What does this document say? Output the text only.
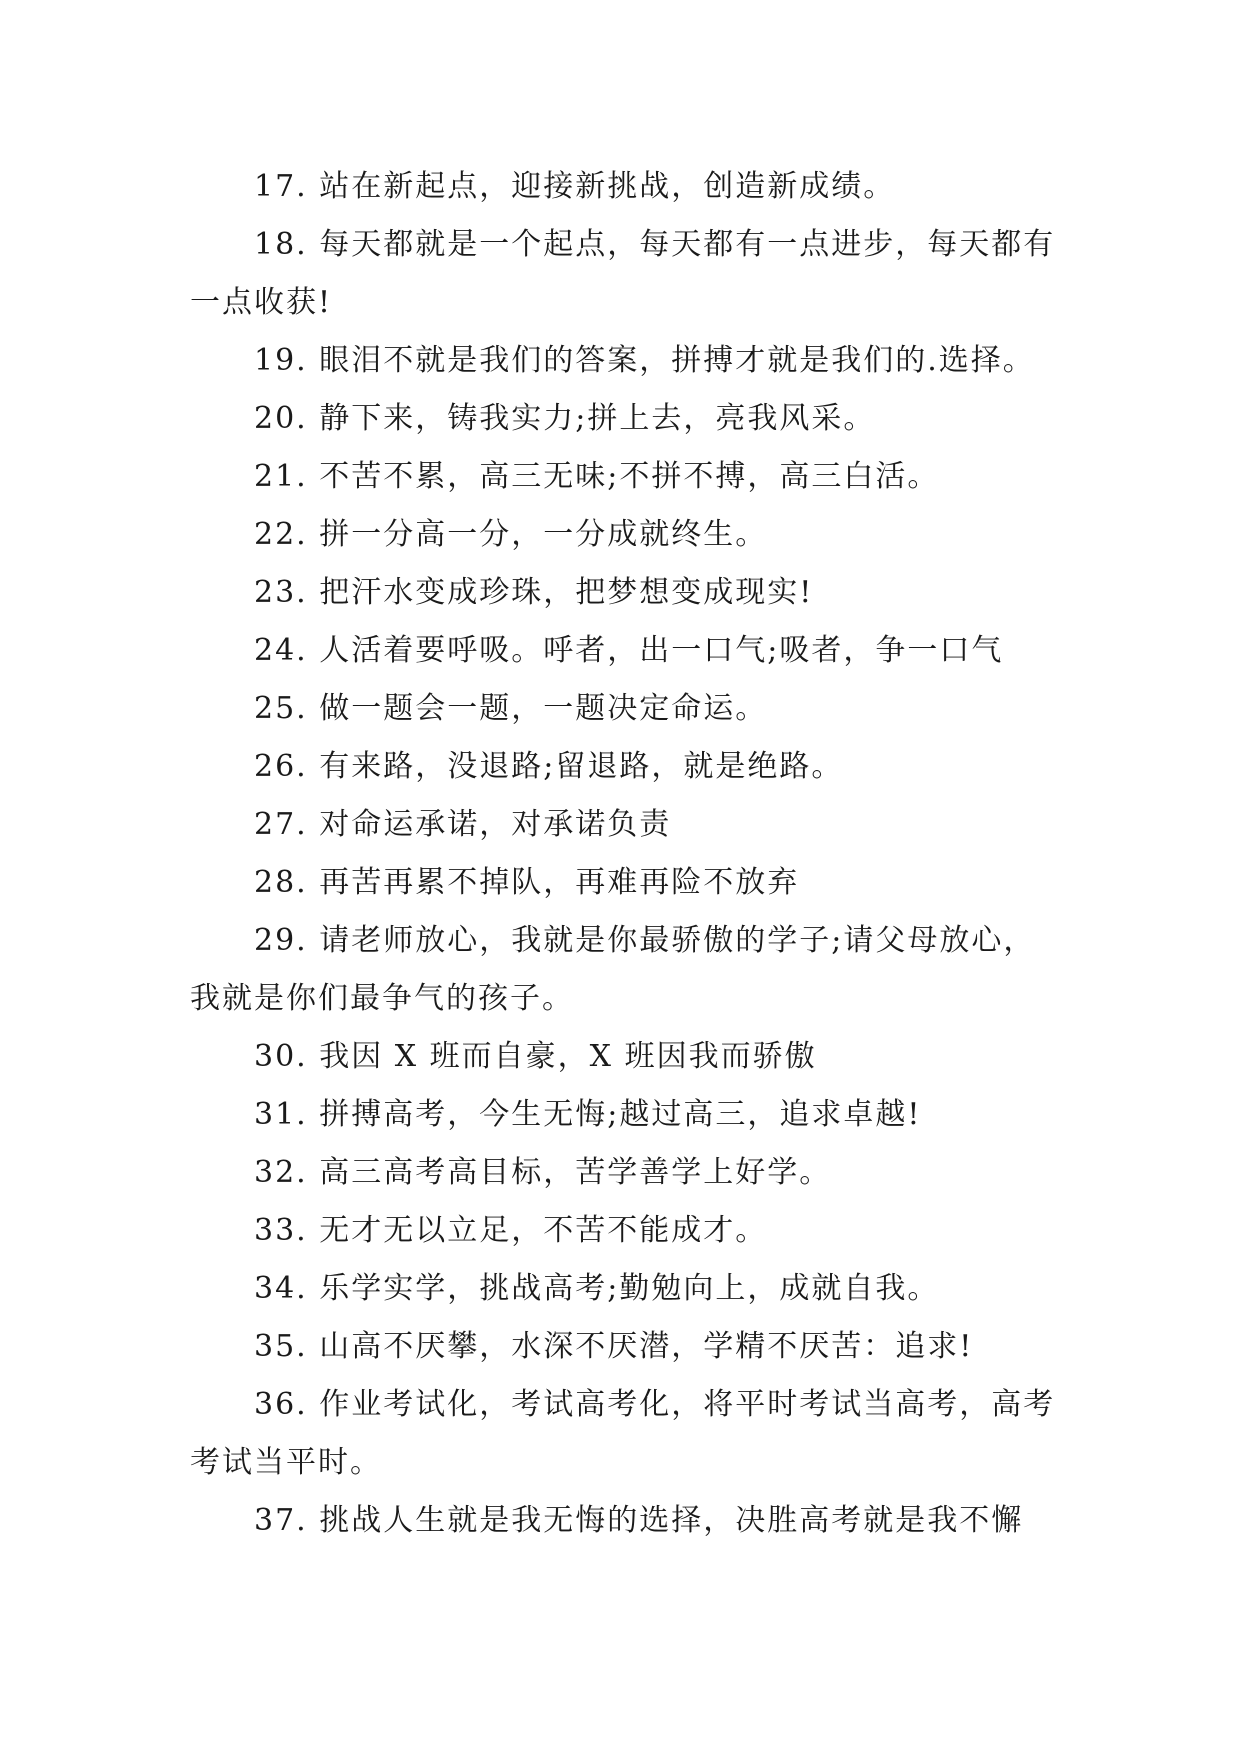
17. 站在新起点，迎接新挑战，创造新成绩。

18. 每天都就是一个起点，每天都有一点进步，每天都有一点收获!

19. 眼泪不就是我们的答案，拼搏才就是我们的.选择。

20. 静下来，铸我实力;拼上去，亮我风采。

21. 不苦不累，高三无味;不拼不搏，高三白活。

22. 拼一分高一分，一分成就终生。

23. 把汗水变成珍珠，把梦想变成现实!

24. 人活着要呼吸。呼者，出一口气;吸者，争一口气

25. 做一题会一题，一题决定命运。

26. 有来路，没退路;留退路，就是绝路。

27. 对命运承诺，对承诺负责

28. 再苦再累不掉队，再难再险不放弃

29. 请老师放心，我就是你最骄傲的学子;请父母放心，我就是你们最争气的孩子。

30. 我因 X 班而自豪，X 班因我而骄傲

31. 拼搏高考，今生无悔;越过高三，追求卓越!

32. 高三高考高目标，苦学善学上好学。

33. 无才无以立足，不苦不能成才。

34. 乐学实学，挑战高考;勤勉向上，成就自我。

35. 山高不厌攀，水深不厌潜，学精不厌苦：追求!

36. 作业考试化，考试高考化，将平时考试当高考，高考考试当平时。

37. 挑战人生就是我无悔的选择，决胜高考就是我不懈
